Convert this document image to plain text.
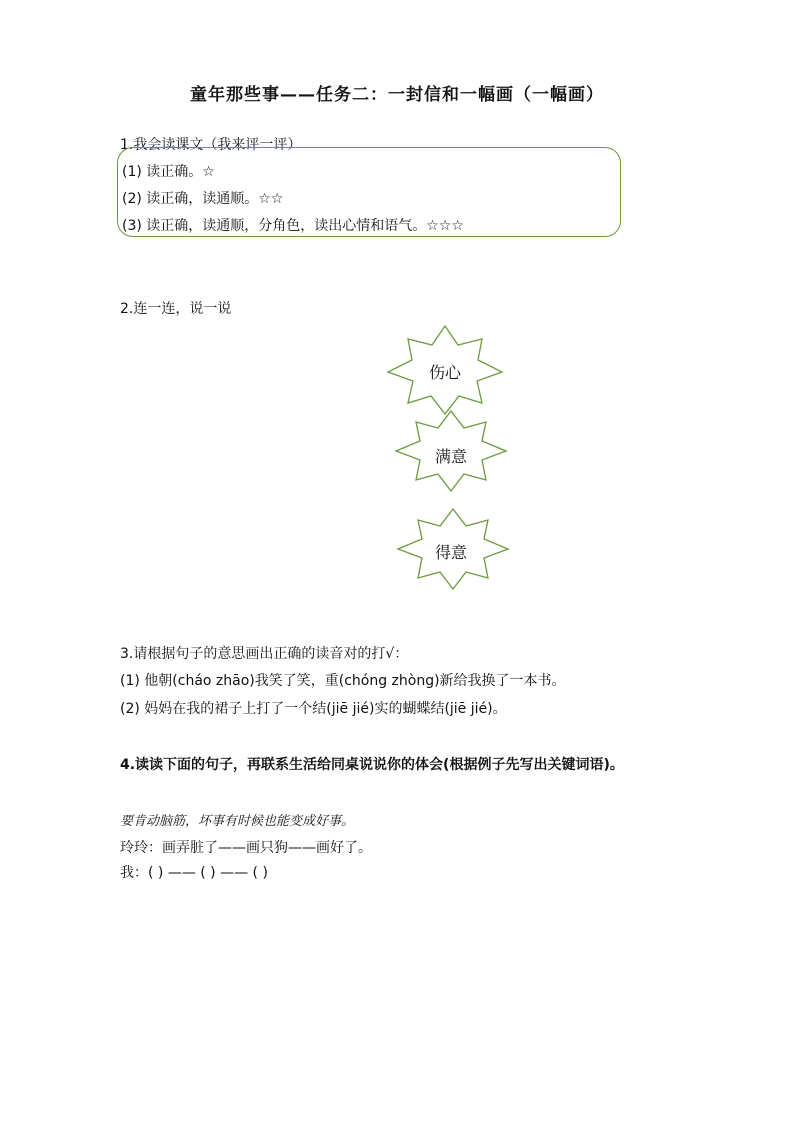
童年那些事——任务二：一封信和一幅画（一幅画）
1.我会读课文（我来评一评）
(1) 读正确。☆
(2) 读正确，读通顺。☆☆
(3) 读正确，读通顺，分角色，读出心情和语气。☆☆☆
2.连一连，说一说
伤心
满意
得意
3.请根据句子的意思画出正确的读音对的打√：
(1) 他朝(cháo zhāo)我笑了笑，重(chóng zhòng)新给我换了一本书。
(2) 妈妈在我的裙子上打了一个结(jiē jié)实的蝴蝶结(jiē jié)。
4.读读下面的句子，再联系生活给同桌说说你的体会(根据例子先写出关键词语)。
要肯动脑筋，坏事有时候也能变成好事。
玲玲：画弄脏了——画只狗——画好了。
我：( ) —— ( ) —— ( )
